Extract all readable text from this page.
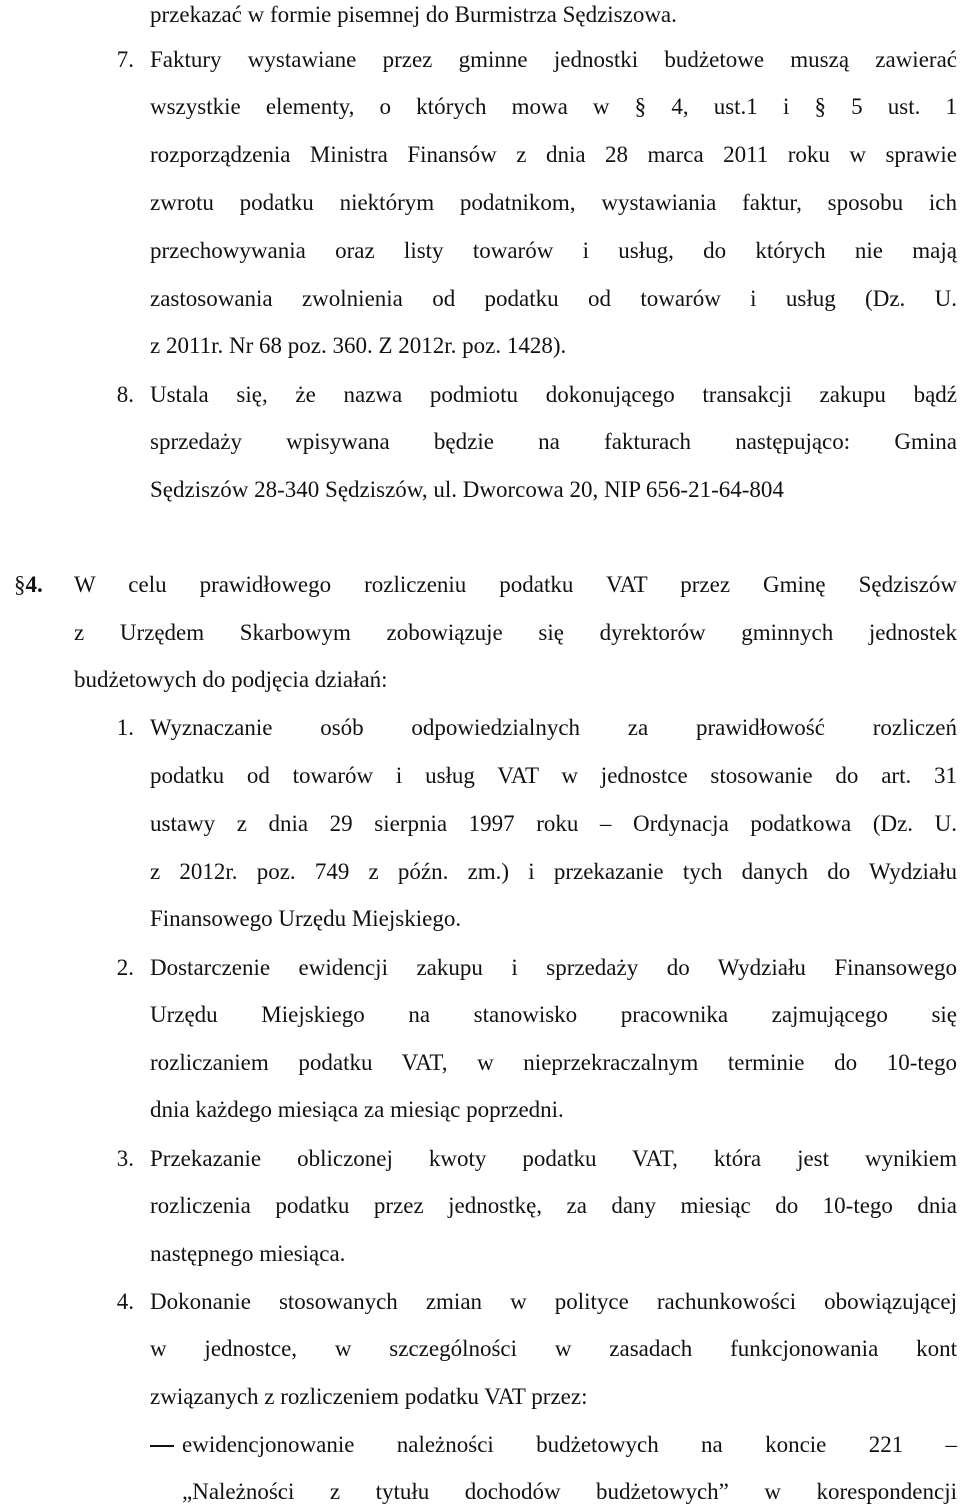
przekazać w formie pisemnej do Burmistrza Sędziszowa.
7. Faktury wystawiane przez gminne jednostki budżetowe muszą zawierać
wszystkie elementy, o których mowa w § 4, ust.1 i § 5 ust. 1
rozporządzenia Ministra Finansów z dnia 28 marca 2011 roku w sprawie
zwrotu podatku niektórym podatnikom, wystawiania faktur, sposobu ich
przechowywania oraz listy towarów i usług, do których nie mają
zastosowania zwolnienia od podatku od towarów i usług (Dz. U.
z 2011r. Nr 68 poz. 360. Z 2012r. poz. 1428).
8. Ustala się, że nazwa podmiotu dokonującego transakcji zakupu bądź
sprzedaży wpisywana będzie na fakturach następująco: Gmina
Sędziszów 28-340 Sędziszów, ul. Dworcowa 20, NIP 656-21-64-804
§4. W celu prawidłowego rozliczeniu podatku VAT przez Gminę Sędziszów
z Urzędem Skarbowym zobowiązuje się dyrektorów gminnych jednostek
budżetowych do podjęcia działań:
1. Wyznaczanie osób odpowiedzialnych za prawidłowość rozliczeń
podatku od towarów i usług VAT w jednostce stosowanie do art. 31
ustawy z dnia 29 sierpnia 1997 roku – Ordynacja podatkowa (Dz. U.
z 2012r. poz. 749 z późn. zm.) i przekazanie tych danych do Wydziału
Finansowego Urzędu Miejskiego.
2. Dostarczenie ewidencji zakupu i sprzedaży do Wydziału Finansowego
Urzędu Miejskiego na stanowisko pracownika zajmującego się
rozliczaniem podatku VAT, w nieprzekraczalnym terminie do 10-tego
dnia każdego miesiąca za miesiąc poprzedni.
3. Przekazanie obliczonej kwoty podatku VAT, która jest wynikiem
rozliczenia podatku przez jednostkę, za dany miesiąc do 10-tego dnia
następnego miesiąca.
4. Dokonanie stosowanych zmian w polityce rachunkowości obowiązującej
w jednostce, w szczególności w zasadach funkcjonowania kont
związanych z rozliczeniem podatku VAT przez:
ewidencjonowanie należności budżetowych na koncie 221 –
„Należności z tytułu dochodów budżetowych” w korespondencji
